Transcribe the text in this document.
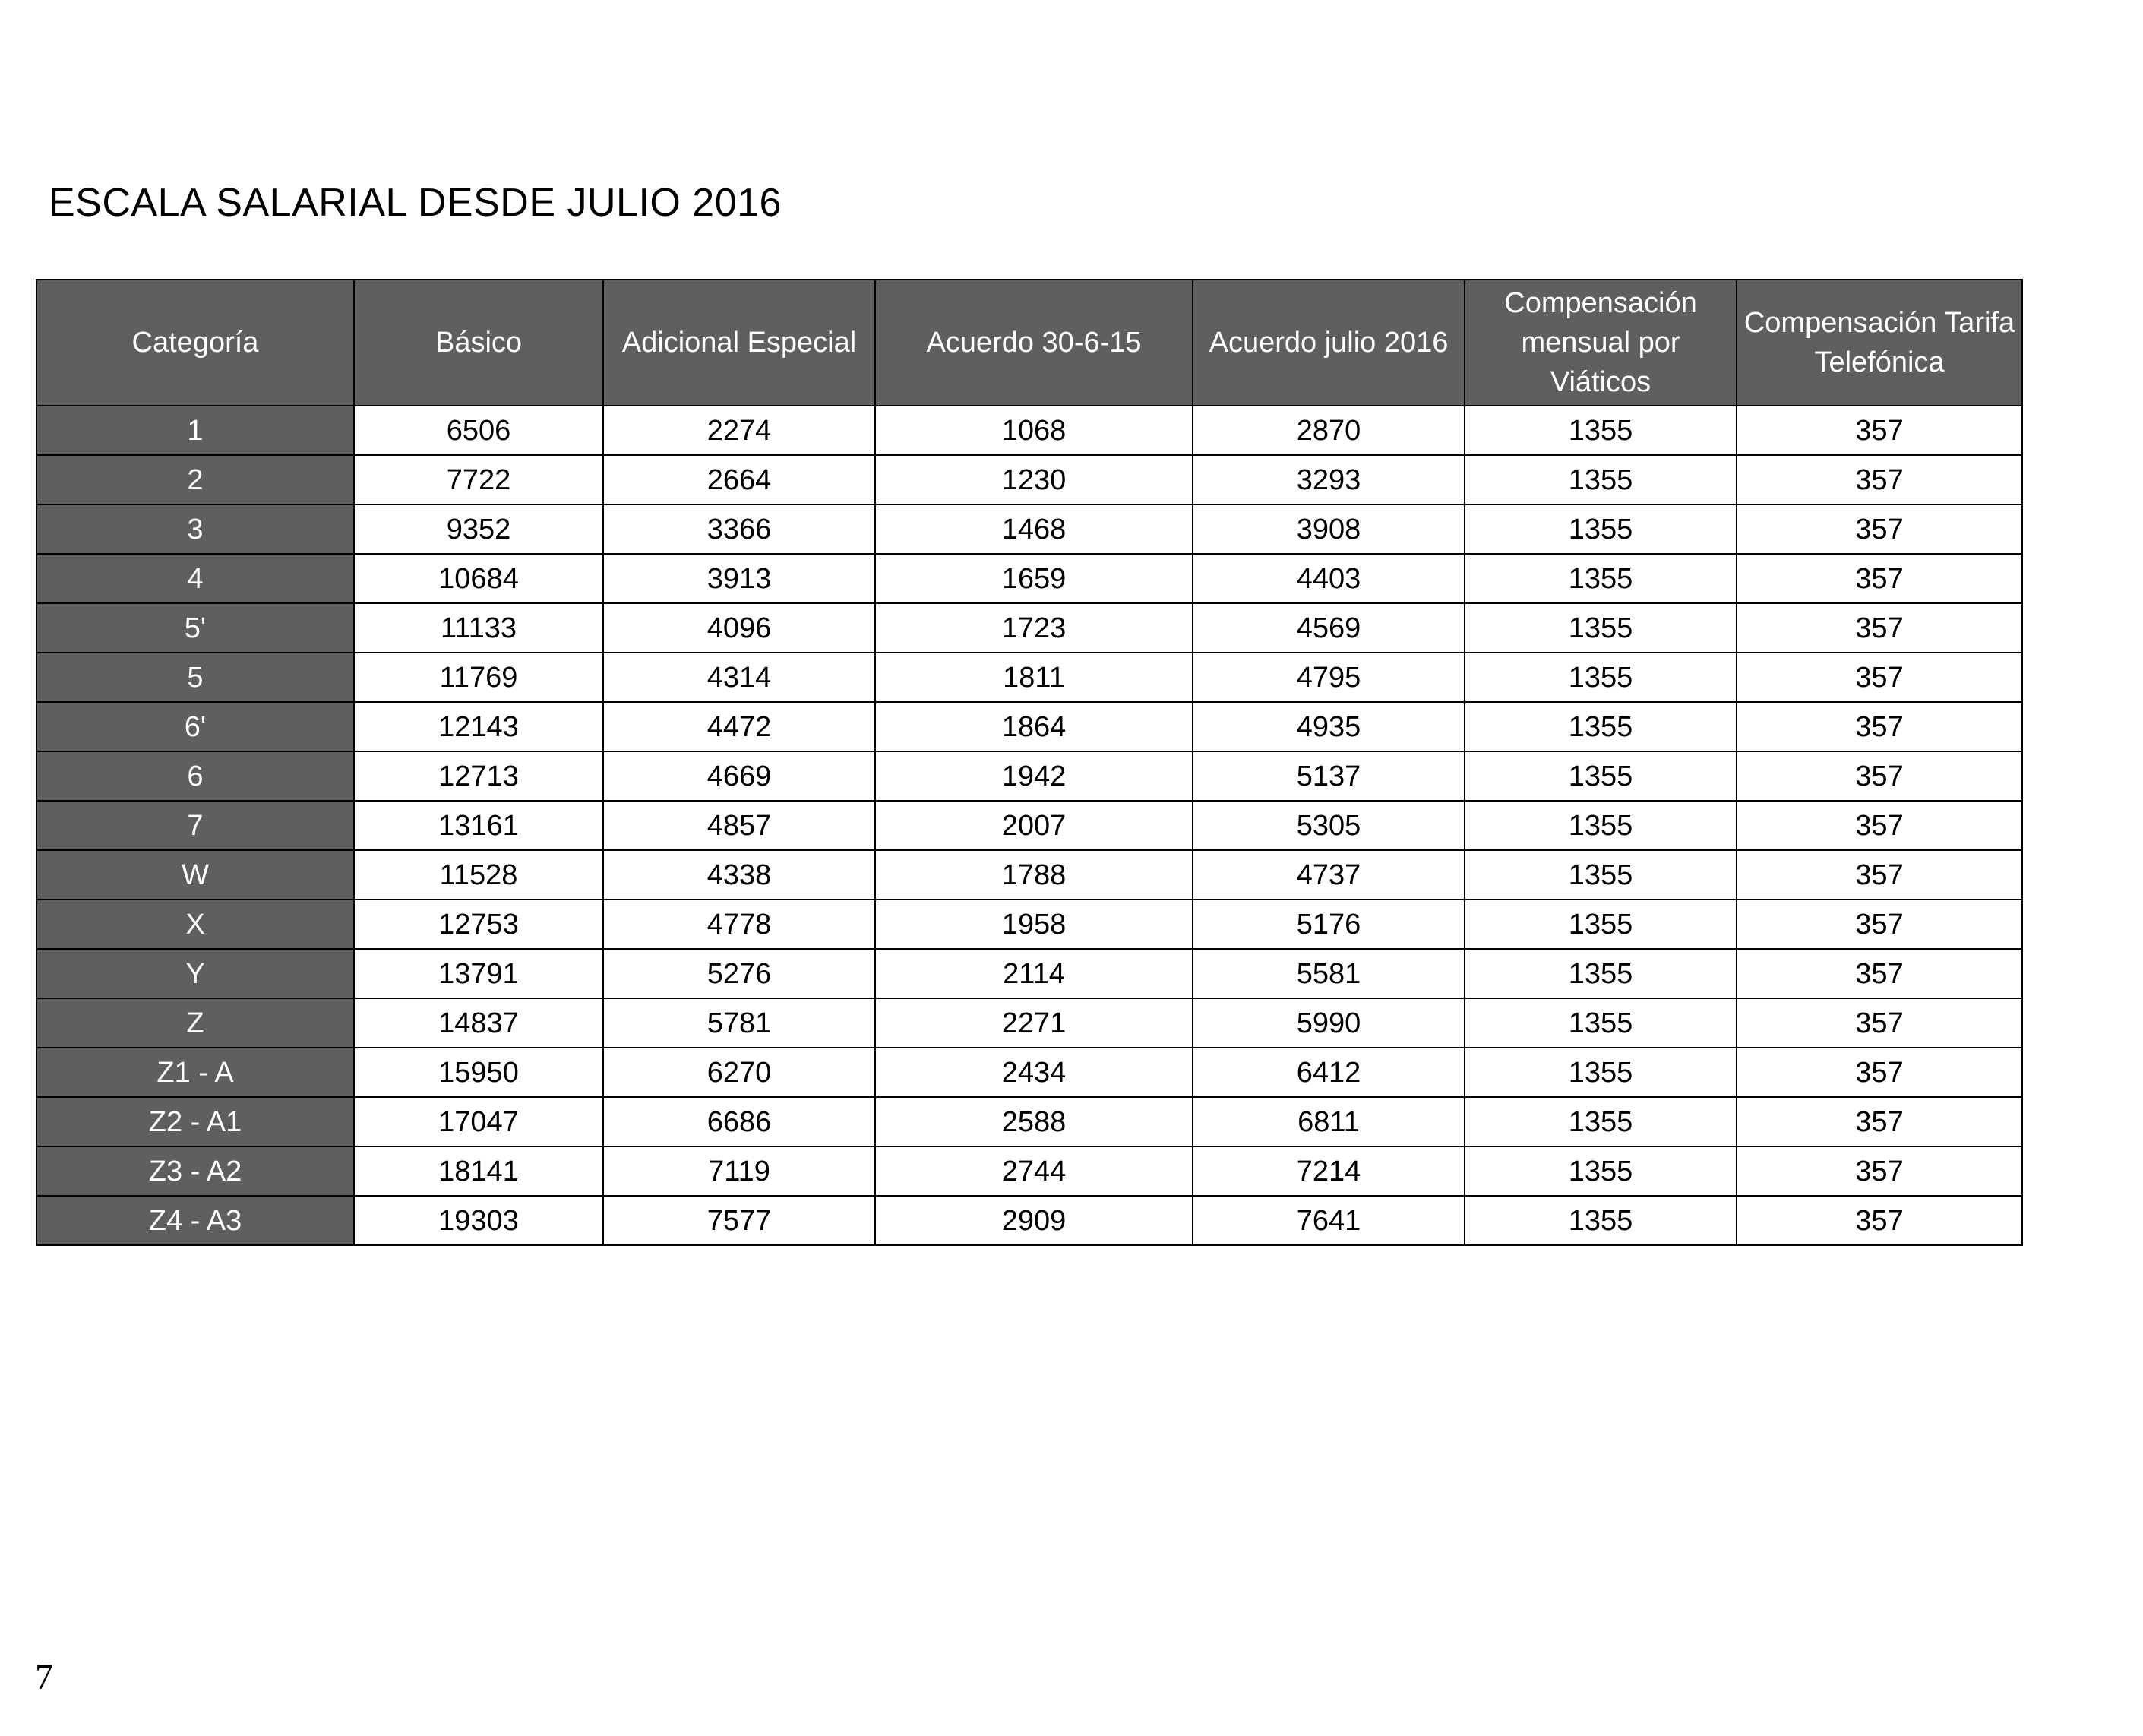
ESCALA SALARIAL DESDE JULIO 2016
Categoría	Básico	Adicional Especial	Acuerdo 30-6-15	Acuerdo julio 2016	Compensación mensual por Viáticos	Compensación Tarifa Telefónica
1	6506	2274	1068	2870	1355	357
2	7722	2664	1230	3293	1355	357
3	9352	3366	1468	3908	1355	357
4	10684	3913	1659	4403	1355	357
5'	11133	4096	1723	4569	1355	357
5	11769	4314	1811	4795	1355	357
6'	12143	4472	1864	4935	1355	357
6	12713	4669	1942	5137	1355	357
7	13161	4857	2007	5305	1355	357
W	11528	4338	1788	4737	1355	357
X	12753	4778	1958	5176	1355	357
Y	13791	5276	2114	5581	1355	357
Z	14837	5781	2271	5990	1355	357
Z1 - A	15950	6270	2434	6412	1355	357
Z2 - A1	17047	6686	2588	6811	1355	357
Z3 - A2	18141	7119	2744	7214	1355	357
Z4 - A3	19303	7577	2909	7641	1355	357
7
